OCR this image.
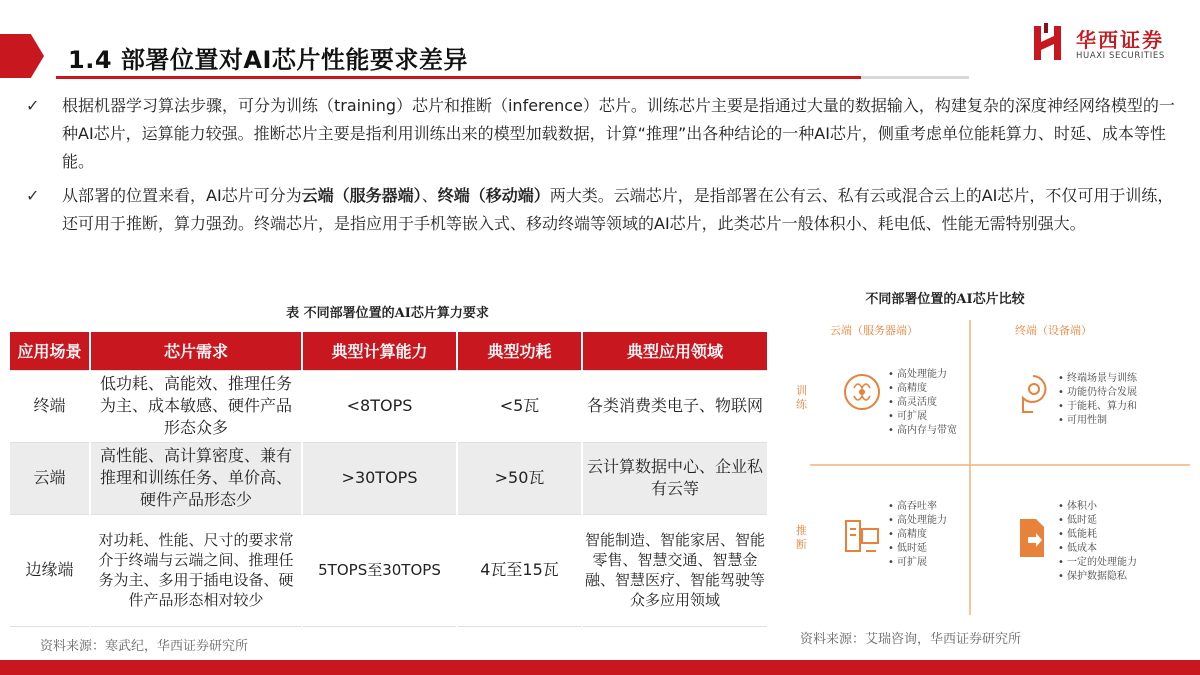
1.4 部署位置对AI芯片性能要求差异
华西证券
HUAXI SECURITIES
✓ 根据机器学习算法步骤，可分为训练（training）芯片和推断（inference）芯片。训练芯片主要是指通过大量的数据输入，构建复杂的深度神经网络模型的一种AI芯片，运算能力较强。推断芯片主要是指利用训练出来的模型加载数据，计算“推理”出各种结论的一种AI芯片，侧重考虑单位能耗算力、时延、成本等性能。
✓ 从部署的位置来看，AI芯片可分为云端（服务器端）、终端（移动端）两大类。云端芯片，是指部署在公有云、私有云或混合云上的AI芯片，不仅可用于训练，还可用于推断，算力强劲。终端芯片，是指应用于手机等嵌入式、移动终端等领域的AI芯片，此类芯片一般体积小、耗电低、性能无需特别强大。
表 不同部署位置的AI芯片算力要求
应用场景	芯片需求	典型计算能力	典型功耗	典型应用领域
终端	低功耗、高能效、推理任务为主、成本敏感、硬件产品形态众多	<8TOPS	<5瓦	各类消费类电子、物联网
云端	高性能、高计算密度、兼有推理和训练任务、单价高、硬件产品形态少	>30TOPS	>50瓦	云计算数据中心、企业私有云等
边缘端	对功耗、性能、尺寸的要求常介于终端与云端之间、推理任务为主、多用于插电设备、硬件产品形态相对较少	5TOPS至30TOPS	4瓦至15瓦	智能制造、智能家居、智能零售、智慧交通、智慧金融、智慧医疗、智能驾驶等众多应用领域
资料来源：寒武纪，华西证券研究所
不同部署位置的AI芯片比较
云端（服务器端）	终端（设备端）
训练
推断
• 高处理能力
• 高精度
• 高灵活度
• 可扩展
• 高内存与带宽
• 终端场景与训练
• 功能仍待合发展
• 于能耗、算力和
• 可用性制
• 高吞吐率
• 高处理能力
• 高精度
• 低时延
• 可扩展
• 体积小
• 低时延
• 低能耗
• 低成本
• 一定的处理能力
• 保护数据隐私
资料来源：艾瑞咨询，华西证券研究所
